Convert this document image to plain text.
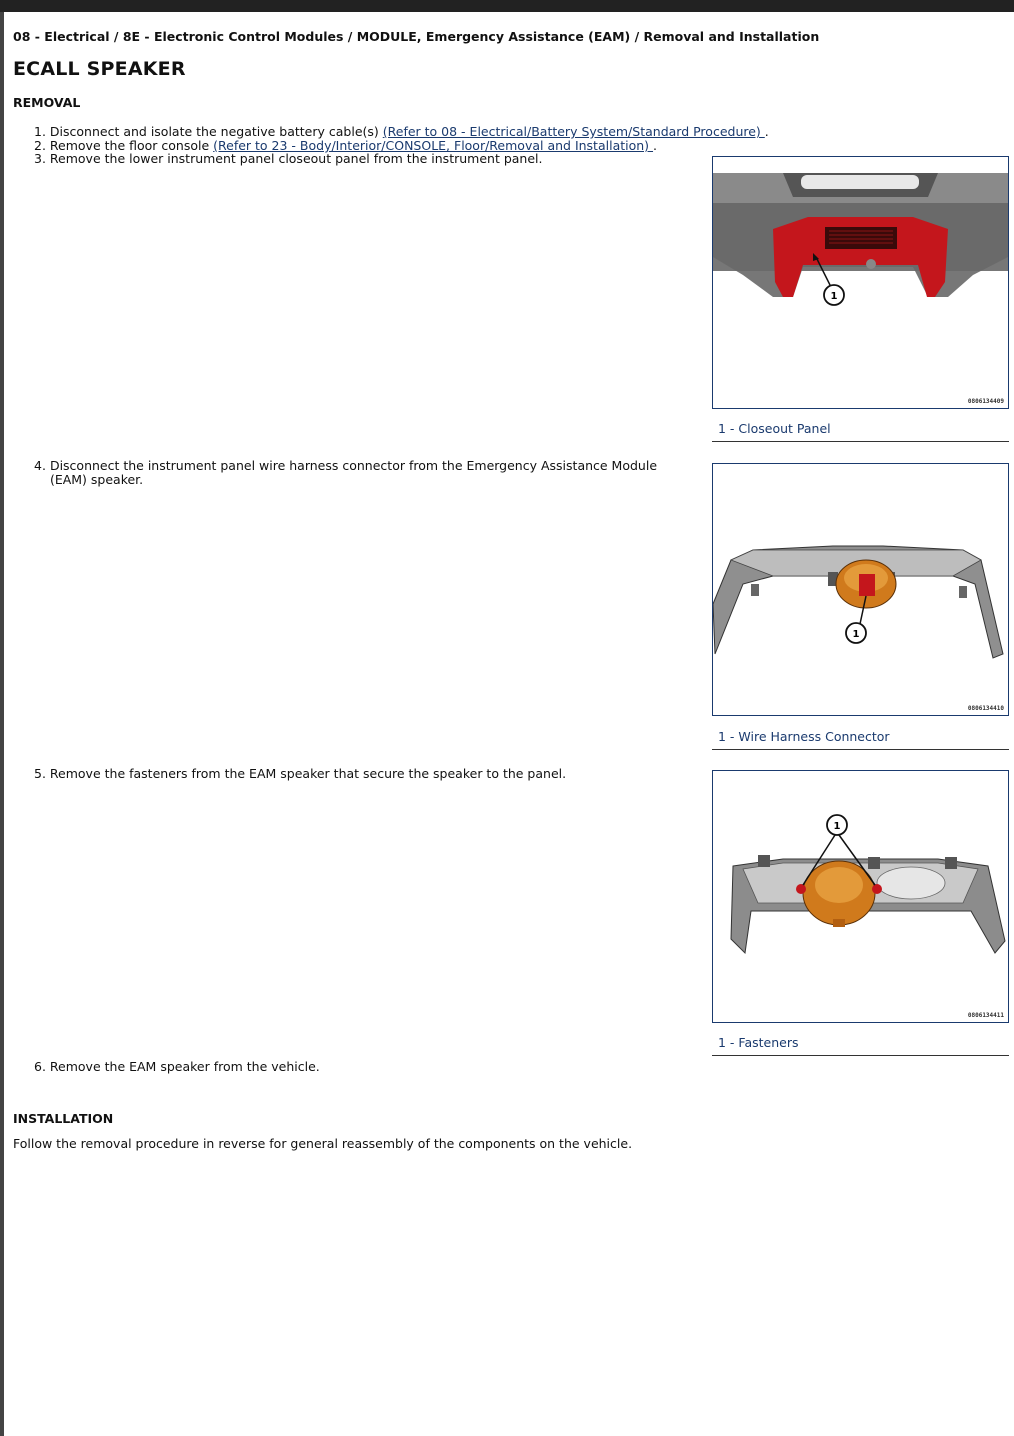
08 - Electrical / 8E - Electronic Control Modules / MODULE, Emergency Assistance (EAM) / Removal and Installation
ECALL SPEAKER
REMOVAL
1. Disconnect and isolate the negative battery cable(s) (Refer to 08 - Electrical/Battery System/Standard Procedure) .
2. Remove the floor console (Refer to 23 - Body/Interior/CONSOLE, Floor/Removal and Installation) .
3. Remove the lower instrument panel closeout panel from the instrument panel.
1
0806134409
1 - Closeout Panel
4. Disconnect the instrument panel wire harness connector from the Emergency Assistance Module (EAM) speaker.
1
0806134410
1 - Wire Harness Connector
5. Remove the fasteners from the EAM speaker that secure the speaker to the panel.
1
0806134411
1 - Fasteners
6. Remove the EAM speaker from the vehicle.
INSTALLATION
Follow the removal procedure in reverse for general reassembly of the components on the vehicle.
